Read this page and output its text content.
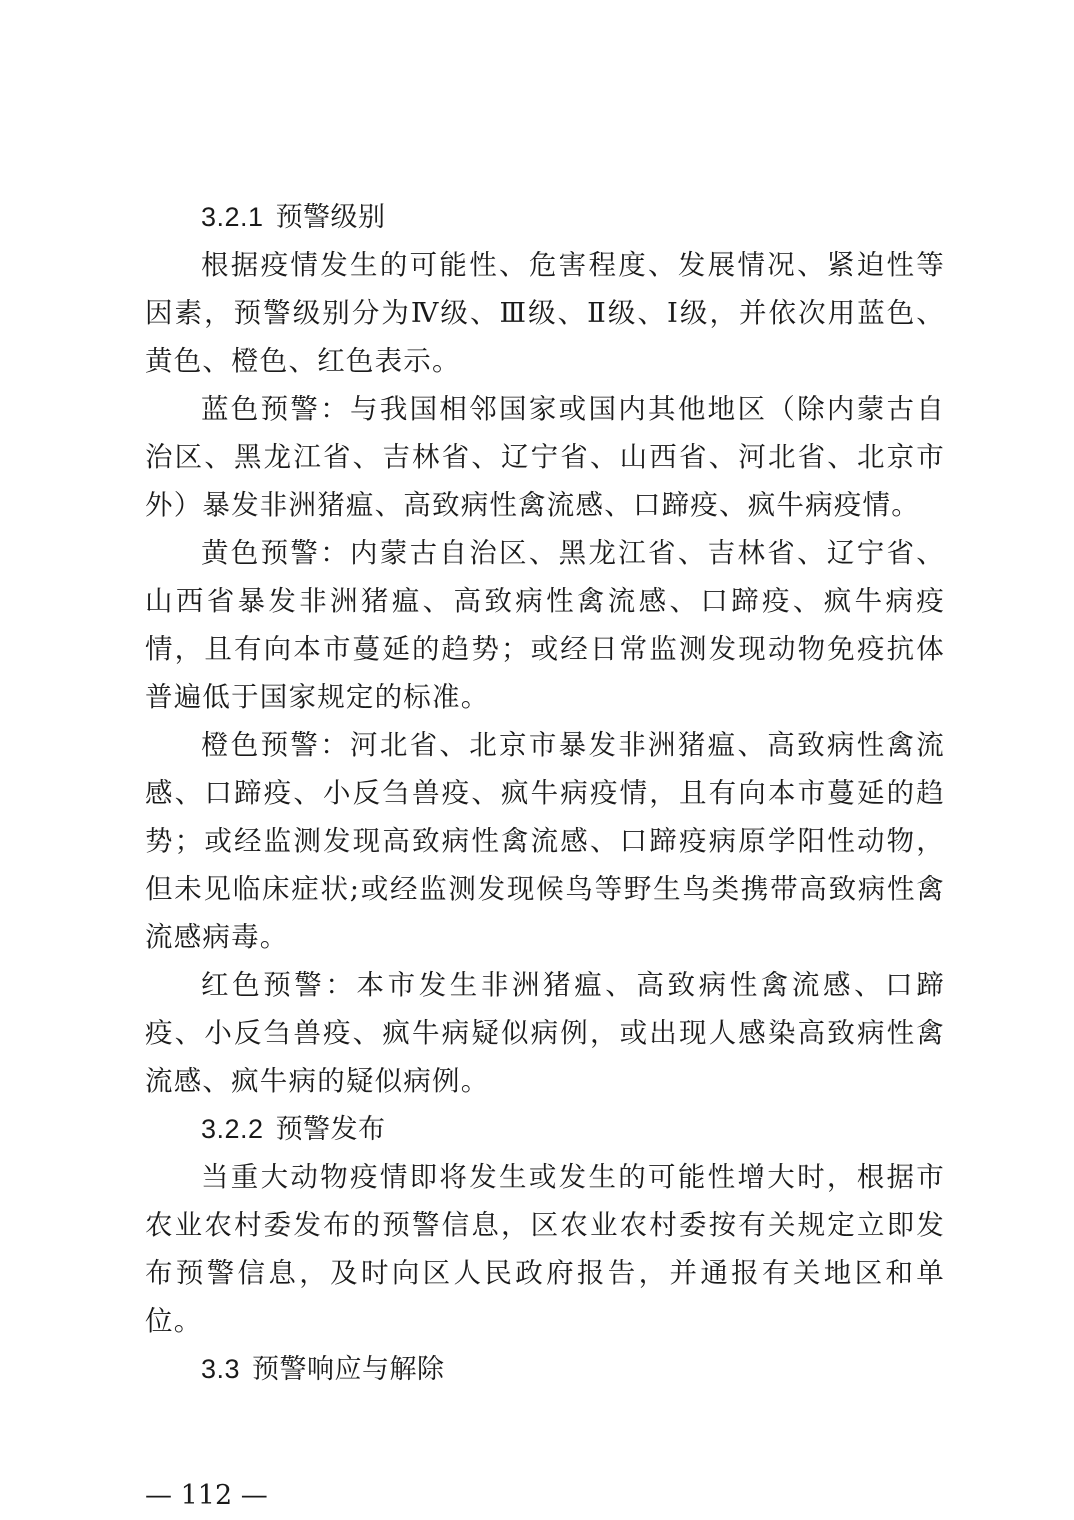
3.2.1 预警级别

根据疫情发生的可能性、危害程度、发展情况、紧迫性等因素，预警级别分为Ⅳ级、Ⅲ级、Ⅱ级、Ⅰ级，并依次用蓝色、黄色、橙色、红色表示。

蓝色预警：与我国相邻国家或国内其他地区（除内蒙古自治区、黑龙江省、吉林省、辽宁省、山西省、河北省、北京市外）暴发非洲猪瘟、高致病性禽流感、口蹄疫、疯牛病疫情。

黄色预警：内蒙古自治区、黑龙江省、吉林省、辽宁省、山西省暴发非洲猪瘟、高致病性禽流感、口蹄疫、疯牛病疫情，且有向本市蔓延的趋势；或经日常监测发现动物免疫抗体普遍低于国家规定的标准。

橙色预警：河北省、北京市暴发非洲猪瘟、高致病性禽流感、口蹄疫、小反刍兽疫、疯牛病疫情，且有向本市蔓延的趋势；或经监测发现高致病性禽流感、口蹄疫病原学阳性动物，但未见临床症状;或经监测发现候鸟等野生鸟类携带高致病性禽流感病毒。

红色预警：本市发生非洲猪瘟、高致病性禽流感、口蹄疫、小反刍兽疫、疯牛病疑似病例，或出现人感染高致病性禽流感、疯牛病的疑似病例。

3.2.2 预警发布

当重大动物疫情即将发生或发生的可能性增大时，根据市农业农村委发布的预警信息，区农业农村委按有关规定立即发布预警信息，及时向区人民政府报告，并通报有关地区和单位。

3.3 预警响应与解除
— 112 —
